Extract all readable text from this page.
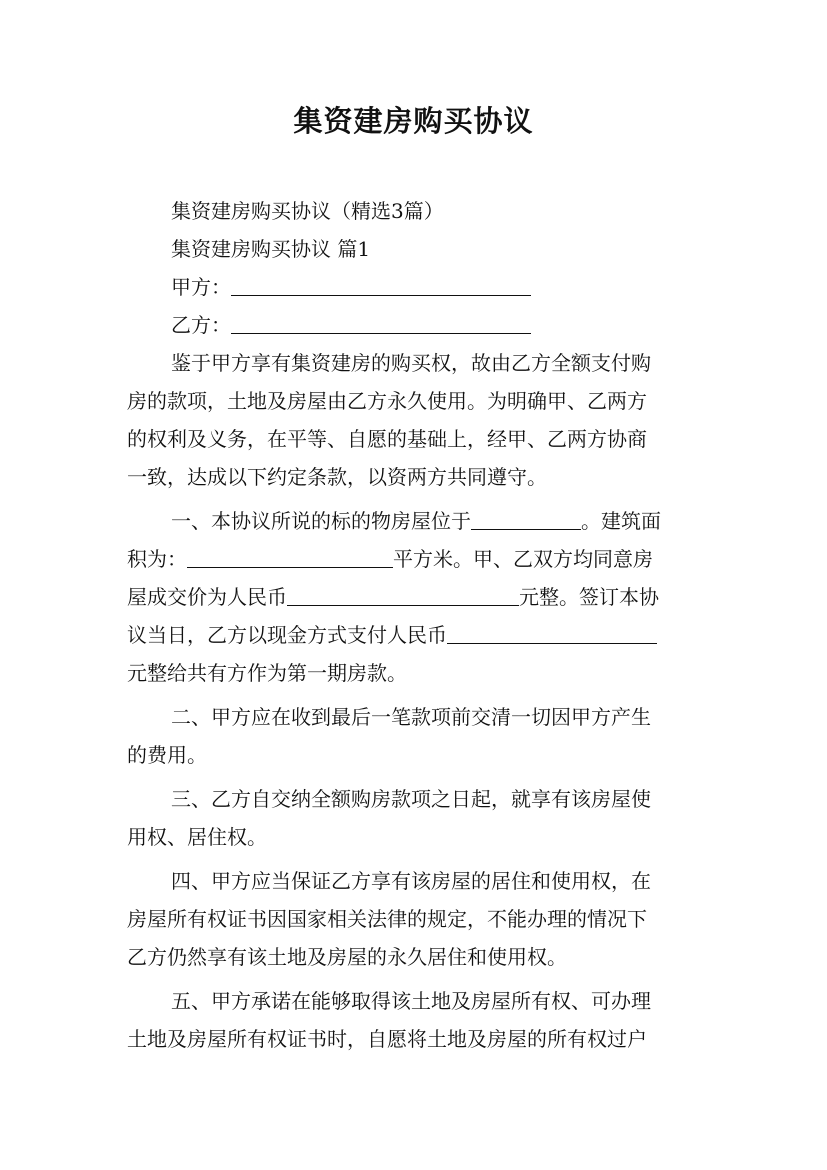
集资建房购买协议
集资建房购买协议（精选3篇）
集资建房购买协议 篇1
甲方：
乙方：
鉴于甲方享有集资建房的购买权，故由乙方全额支付购
房的款项，土地及房屋由乙方永久使用。为明确甲、乙两方
的权利及义务，在平等、自愿的基础上，经甲、乙两方协商
一致，达成以下约定条款，以资两方共同遵守。
一、本协议所说的标的物房屋位于	。建筑面
积为：	平方米。甲、乙双方均同意房
屋成交价为人民币	元整。签订本协
议当日，乙方以现金方式支付人民币
元整给共有方作为第一期房款。
二、甲方应在收到最后一笔款项前交清一切因甲方产生
的费用。
三、乙方自交纳全额购房款项之日起，就享有该房屋使
用权、居住权。
四、甲方应当保证乙方享有该房屋的居住和使用权，在
房屋所有权证书因国家相关法律的规定，不能办理的情况下
乙方仍然享有该土地及房屋的永久居住和使用权。
五、甲方承诺在能够取得该土地及房屋所有权、可办理
土地及房屋所有权证书时，自愿将土地及房屋的所有权过户
